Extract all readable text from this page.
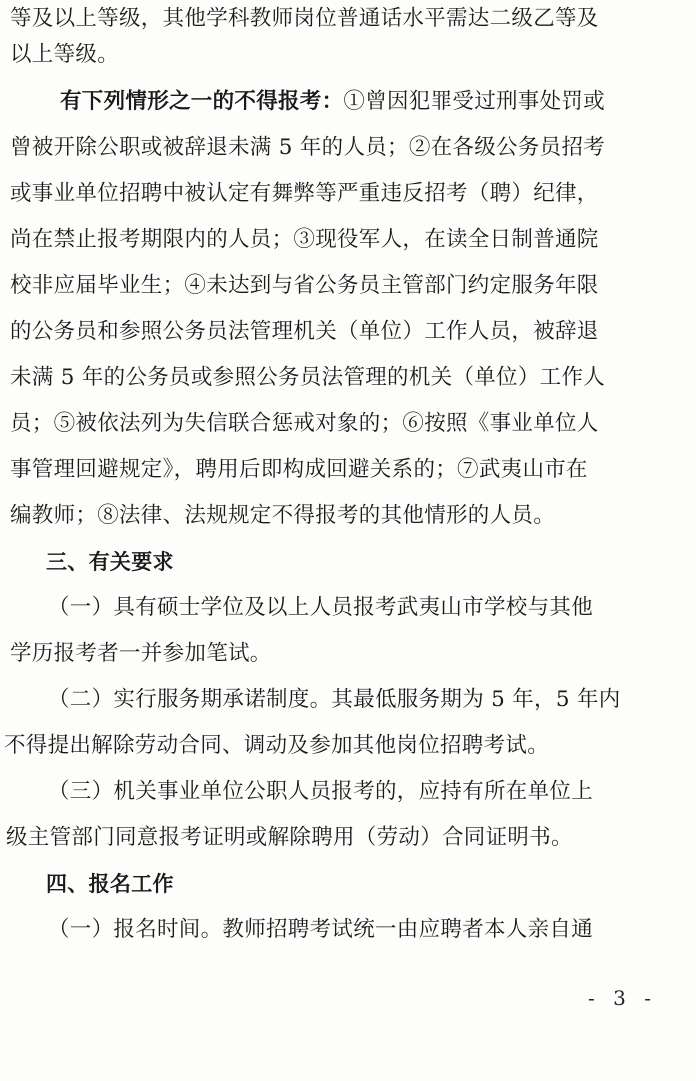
等及以上等级，其他学科教师岗位普通话水平需达二级乙等及
以上等级。
有下列情形之一的不得报考：①曾因犯罪受过刑事处罚或
曾被开除公职或被辞退未满 5 年的人员；②在各级公务员招考
或事业单位招聘中被认定有舞弊等严重违反招考（聘）纪律，
尚在禁止报考期限内的人员；③现役军人，在读全日制普通院
校非应届毕业生；④未达到与省公务员主管部门约定服务年限
的公务员和参照公务员法管理机关（单位）工作人员，被辞退
未满 5 年的公务员或参照公务员法管理的机关（单位）工作人
员；⑤被依法列为失信联合惩戒对象的；⑥按照《事业单位人
事管理回避规定》，聘用后即构成回避关系的；⑦武夷山市在
编教师；⑧法律、法规规定不得报考的其他情形的人员。
三、有关要求
（一）具有硕士学位及以上人员报考武夷山市学校与其他
学历报考者一并参加笔试。
（二）实行服务期承诺制度。其最低服务期为 5 年，5 年内
不得提出解除劳动合同、调动及参加其他岗位招聘考试。
（三）机关事业单位公职人员报考的，应持有所在单位上
级主管部门同意报考证明或解除聘用（劳动）合同证明书。
四、报名工作
（一）报名时间。教师招聘考试统一由应聘者本人亲自通
- 3 -
